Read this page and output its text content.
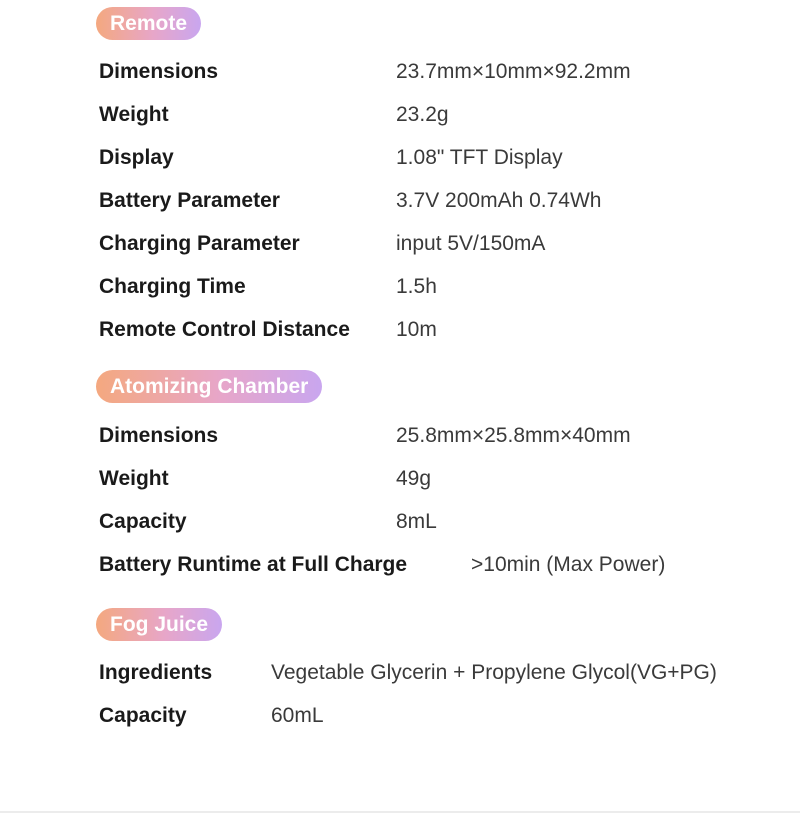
Remote
Dimensions	23.7mm×10mm×92.2mm
Weight	23.2g
Display	1.08" TFT Display
Battery Parameter	3.7V 200mAh 0.74Wh
Charging Parameter	input 5V/150mA
Charging Time	1.5h
Remote Control Distance 10m
Atomizing Chamber
Dimensions	25.8mm×25.8mm×40mm
Weight	49g
Capacity	8mL
Battery Runtime at Full Charge	>10min (Max Power)
Fog Juice
Ingredients	Vegetable Glycerin + Propylene Glycol(VG+PG)
Capacity	60mL
